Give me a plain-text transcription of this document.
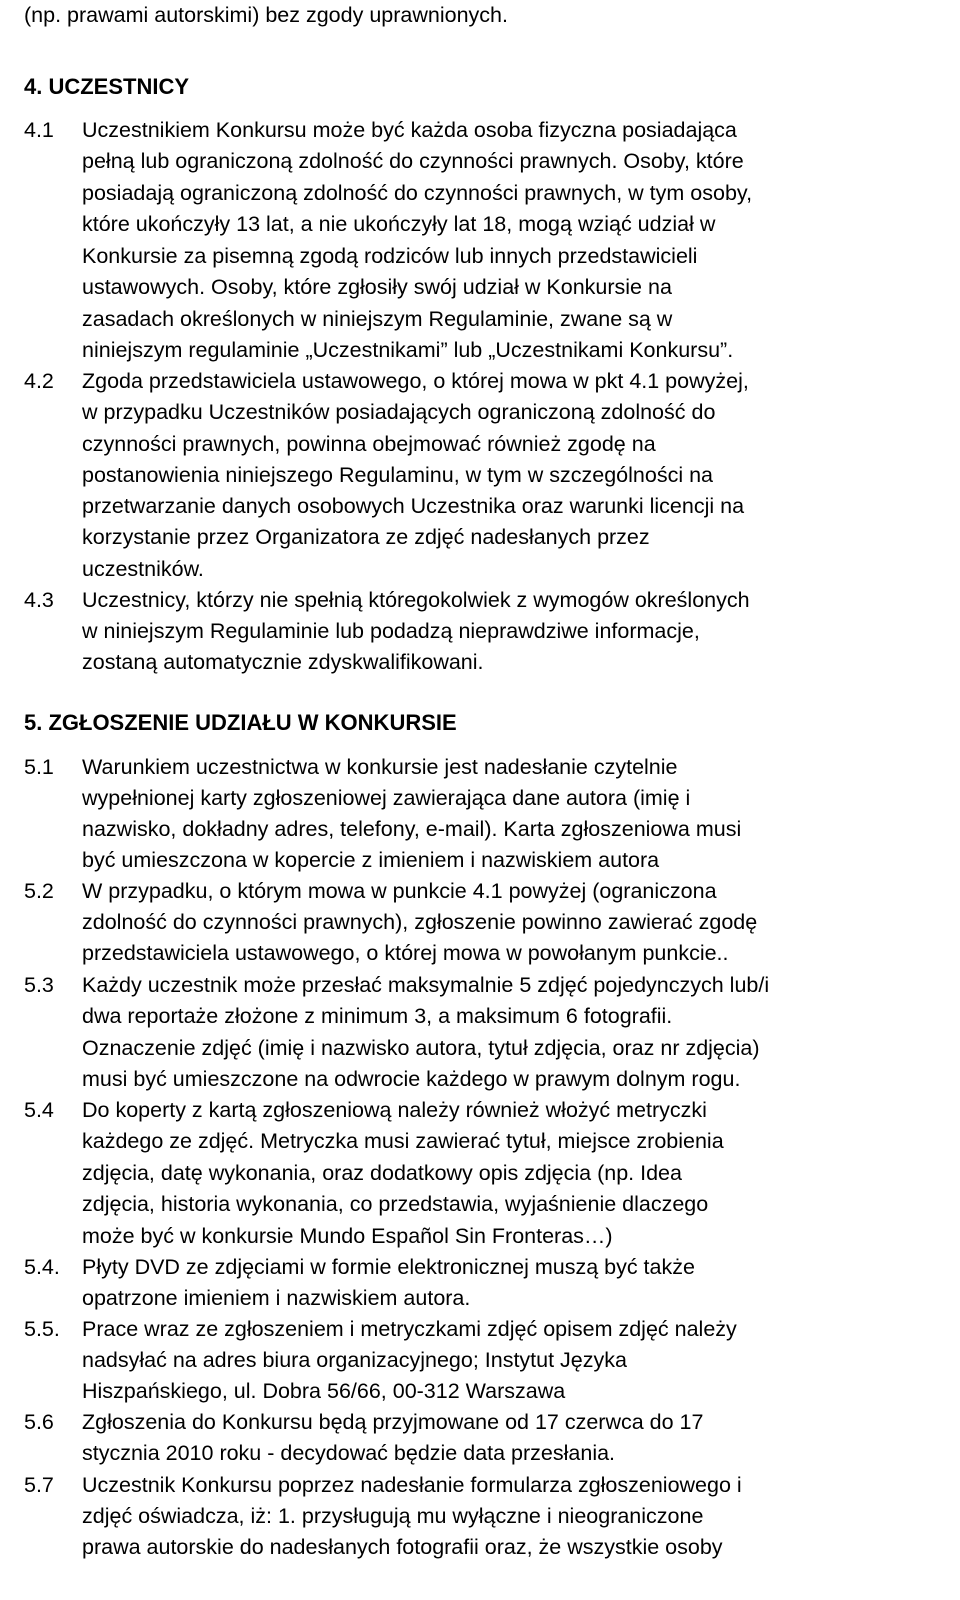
(np. prawami autorskimi) bez zgody uprawnionych.
4. UCZESTNICY
4.1 Uczestnikiem Konkursu może być każda osoba fizyczna posiadająca
pełną lub ograniczoną zdolność do czynności prawnych. Osoby, które
posiadają ograniczoną zdolność do czynności prawnych, w tym osoby,
które ukończyły 13 lat, a nie ukończyły lat 18, mogą wziąć udział w
Konkursie za pisemną zgodą rodziców lub innych przedstawicieli
ustawowych. Osoby, które zgłosiły swój udział w Konkursie na
zasadach określonych w niniejszym Regulaminie, zwane są w
niniejszym regulaminie „Uczestnikami” lub „Uczestnikami Konkursu”.
4.2 Zgoda przedstawiciela ustawowego, o której mowa w pkt 4.1 powyżej,
w przypadku Uczestników posiadających ograniczoną zdolność do
czynności prawnych, powinna obejmować również zgodę na
postanowienia niniejszego Regulaminu, w tym w szczególności na
przetwarzanie danych osobowych Uczestnika oraz warunki licencji na
korzystanie przez Organizatora ze zdjęć nadesłanych przez
uczestników.
4.3 Uczestnicy, którzy nie spełnią któregokolwiek z wymogów określonych
w niniejszym Regulaminie lub podadzą nieprawdziwe informacje,
zostaną automatycznie zdyskwalifikowani.
5. ZGŁOSZENIE UDZIAŁU W KONKURSIE
5.1 Warunkiem uczestnictwa w konkursie jest nadesłanie czytelnie
wypełnionej karty zgłoszeniowej zawierająca dane autora (imię i
nazwisko, dokładny adres, telefony, e-mail). Karta zgłoszeniowa musi
być umieszczona w kopercie z imieniem i nazwiskiem autora
5.2 W przypadku, o którym mowa w punkcie 4.1 powyżej (ograniczona
zdolność do czynności prawnych), zgłoszenie powinno zawierać zgodę
przedstawiciela ustawowego, o której mowa w powołanym punkcie..
5.3 Każdy uczestnik może przesłać maksymalnie 5 zdjęć pojedynczych lub/i
dwa reportaże złożone z minimum 3, a maksimum 6 fotografii.
Oznaczenie zdjęć (imię i nazwisko autora, tytuł zdjęcia, oraz nr zdjęcia)
musi być umieszczone na odwrocie każdego w prawym dolnym rogu.
5.4 Do koperty z kartą zgłoszeniową należy również włożyć metryczki
każdego ze zdjęć. Metryczka musi zawierać tytuł, miejsce zrobienia
zdjęcia, datę wykonania, oraz dodatkowy opis zdjęcia (np. Idea
zdjęcia, historia wykonania, co przedstawia, wyjaśnienie dlaczego
może być w konkursie Mundo Español Sin Fronteras…)
5.4. Płyty DVD ze zdjęciami w formie elektronicznej muszą być także
opatrzone imieniem i nazwiskiem autora.
5.5. Prace wraz ze zgłoszeniem i metryczkami zdjęć opisem zdjęć należy
nadsyłać na adres biura organizacyjnego; Instytut Języka
Hiszpańskiego, ul. Dobra 56/66, 00-312 Warszawa
5.6 Zgłoszenia do Konkursu będą przyjmowane od 17 czerwca do 17
stycznia 2010 roku - decydować będzie data przesłania.
5.7 Uczestnik Konkursu poprzez nadesłanie formularza zgłoszeniowego i
zdjęć oświadcza, iż: 1. przysługują mu wyłączne i nieograniczone
prawa autorskie do nadesłanych fotografii oraz, że wszystkie osoby
